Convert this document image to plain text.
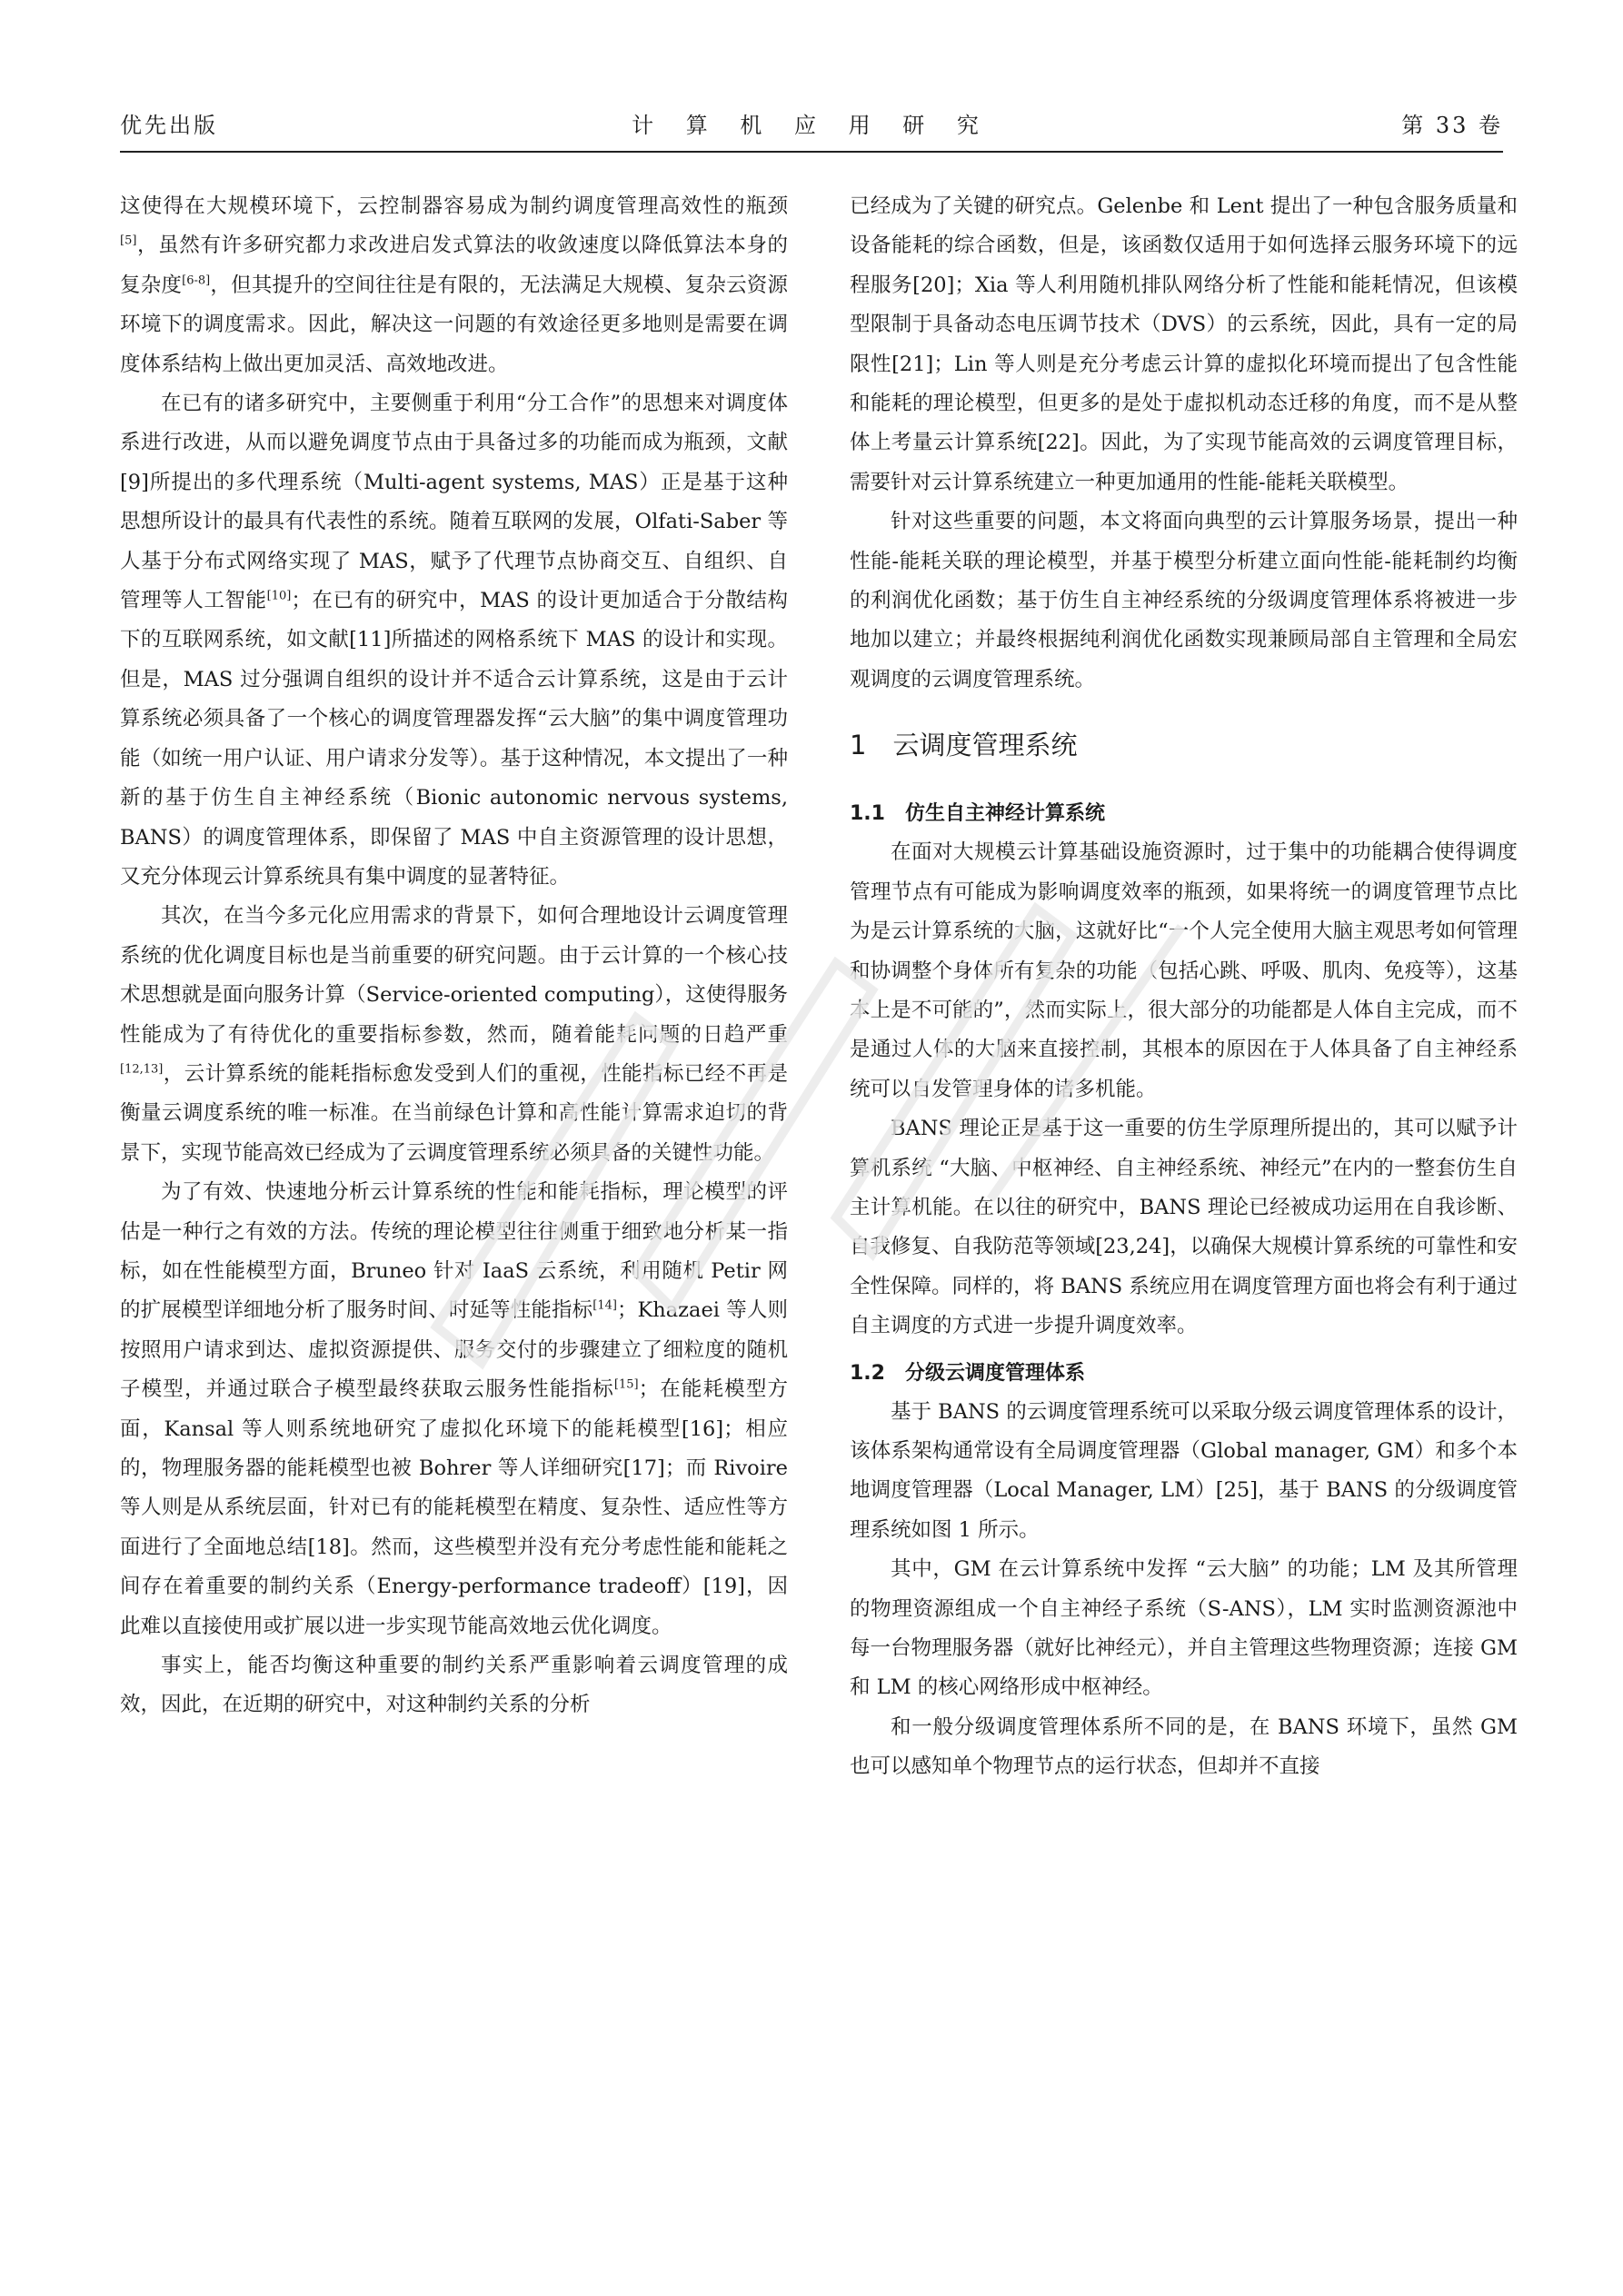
优先出版	计 算 机 应 用 研 究	第 33 卷

这使得在大规模环境下，云控制器容易成为制约调度管理高效性的瓶颈[5]，虽然有许多研究都力求改进启发式算法的收敛速度以降低算法本身的复杂度[6-8]，但其提升的空间往往是有限的，无法满足大规模、复杂云资源环境下的调度需求。因此，解决这一问题的有效途径更多地则是需要在调度体系结构上做出更加灵活、高效地改进。

在已有的诸多研究中，主要侧重于利用“分工合作”的思想来对调度体系进行改进，从而以避免调度节点由于具备过多的功能而成为瓶颈，文献[9]所提出的多代理系统（Multi-agent systems, MAS）正是基于这种思想所设计的最具有代表性的系统。随着互联网的发展，Olfati-Saber 等人基于分布式网络实现了 MAS，赋予了代理节点协商交互、自组织、自管理等人工智能[10]；在已有的研究中，MAS 的设计更加适合于分散结构下的互联网系统，如文献[11]所描述的网格系统下 MAS 的设计和实现。但是，MAS 过分强调自组织的设计并不适合云计算系统，这是由于云计算系统必须具备了一个核心的调度管理器发挥“云大脑”的集中调度管理功能（如统一用户认证、用户请求分发等）。基于这种情况，本文提出了一种新的基于仿生自主神经系统（Bionic autonomic nervous systems, BANS）的调度管理体系，即保留了 MAS 中自主资源管理的设计思想，又充分体现云计算系统具有集中调度的显著特征。

其次，在当今多元化应用需求的背景下，如何合理地设计云调度管理系统的优化调度目标也是当前重要的研究问题。由于云计算的一个核心技术思想就是面向服务计算（Service-oriented computing），这使得服务性能成为了有待优化的重要指标参数，然而，随着能耗问题的日趋严重[12,13]，云计算系统的能耗指标愈发受到人们的重视，性能指标已经不再是衡量云调度系统的唯一标准。在当前绿色计算和高性能计算需求迫切的背景下，实现节能高效已经成为了云调度管理系统必须具备的关键性功能。

为了有效、快速地分析云计算系统的性能和能耗指标，理论模型的评估是一种行之有效的方法。传统的理论模型往往侧重于细致地分析某一指标，如在性能模型方面，Bruneo 针对 IaaS 云系统，利用随机 Petir 网的扩展模型详细地分析了服务时间、时延等性能指标[14]；Khazaei 等人则按照用户请求到达、虚拟资源提供、服务交付的步骤建立了细粒度的随机子模型，并通过联合子模型最终获取云服务性能指标[15]；在能耗模型方面，Kansal 等人则系统地研究了虚拟化环境下的能耗模型[16]；相应的，物理服务器的能耗模型也被 Bohrer 等人详细研究[17]；而 Rivoire 等人则是从系统层面，针对已有的能耗模型在精度、复杂性、适应性等方面进行了全面地总结[18]。然而，这些模型并没有充分考虑性能和能耗之间存在着重要的制约关系（Energy-performance tradeoff）[19]，因此难以直接使用或扩展以进一步实现节能高效地云优化调度。

事实上，能否均衡这种重要的制约关系严重影响着云调度管理的成效，因此，在近期的研究中，对这种制约关系的分析

已经成为了关键的研究点。Gelenbe 和 Lent 提出了一种包含服务质量和设备能耗的综合函数，但是，该函数仅适用于如何选择云服务环境下的远程服务[20]；Xia 等人利用随机排队网络分析了性能和能耗情况，但该模型限制于具备动态电压调节技术（DVS）的云系统，因此，具有一定的局限性[21]；Lin 等人则是充分考虑云计算的虚拟化环境而提出了包含性能和能耗的理论模型，但更多的是处于虚拟机动态迁移的角度，而不是从整体上考量云计算系统[22]。因此，为了实现节能高效的云调度管理目标，需要针对云计算系统建立一种更加通用的性能-能耗关联模型。

针对这些重要的问题，本文将面向典型的云计算服务场景，提出一种性能-能耗关联的理论模型，并基于模型分析建立面向性能-能耗制约均衡的利润优化函数；基于仿生自主神经系统的分级调度管理体系将被进一步地加以建立；并最终根据纯利润优化函数实现兼顾局部自主管理和全局宏观调度的云调度管理系统。

1　云调度管理系统
1.1　仿生自主神经计算系统

在面对大规模云计算基础设施资源时，过于集中的功能耦合使得调度管理节点有可能成为影响调度效率的瓶颈，如果将统一的调度管理节点比为是云计算系统的大脑，这就好比“一个人完全使用大脑主观思考如何管理和协调整个身体所有复杂的功能（包括心跳、呼吸、肌肉、免疫等），这基本上是不可能的”，然而实际上，很大部分的功能都是人体自主完成，而不是通过人体的大脑来直接控制，其根本的原因在于人体具备了自主神经系统可以自发管理身体的诸多机能。

BANS 理论正是基于这一重要的仿生学原理所提出的，其可以赋予计算机系统 “大脑、中枢神经、自主神经系统、神经元”在内的一整套仿生自主计算机能。在以往的研究中，BANS 理论已经被成功运用在自我诊断、自我修复、自我防范等领域[23,24]，以确保大规模计算系统的可靠性和安全性保障。同样的，将 BANS 系统应用在调度管理方面也将会有利于通过自主调度的方式进一步提升调度效率。

1.2　分级云调度管理体系

基于 BANS 的云调度管理系统可以采取分级云调度管理体系的设计，该体系架构通常设有全局调度管理器（Global manager, GM）和多个本地调度管理器（Local Manager, LM）[25]，基于 BANS 的分级调度管理系统如图 1 所示。

其中，GM 在云计算系统中发挥 “云大脑” 的功能；LM 及其所管理的物理资源组成一个自主神经子系统（S-ANS），LM 实时监测资源池中每一台物理服务器（就好比神经元），并自主管理这些物理资源；连接 GM 和 LM 的核心网络形成中枢神经。

和一般分级调度管理体系所不同的是，在 BANS 环境下，虽然 GM 也可以感知单个物理节点的运行状态，但却并不直接
